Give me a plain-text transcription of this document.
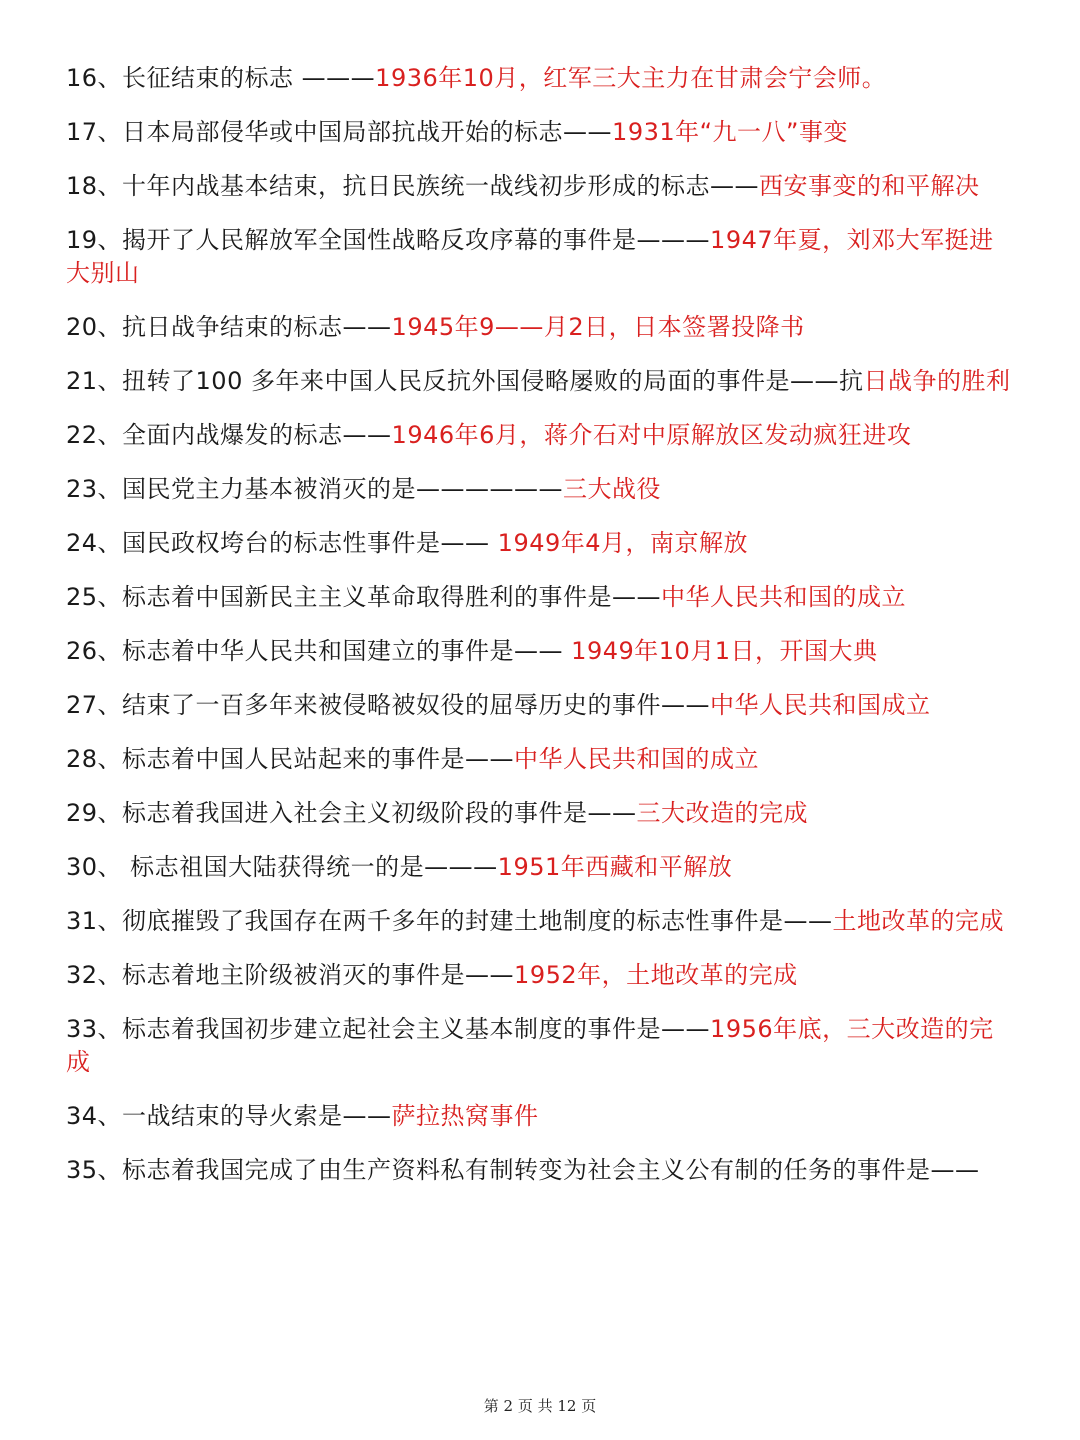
16、长征结束的标志 ———1936年10月，红军三大主力在甘肃会宁会师。

17、日本局部侵华或中国局部抗战开始的标志——1931年“九一八”事变

18、十年内战基本结束，抗日民族统一战线初步形成的标志——西安事变的和平解决

19、揭开了人民解放军全国性战略反攻序幕的事件是———1947年夏，刘邓大军挺进大别山

20、抗日战争结束的标志——1945年9——月2日，日本签署投降书

21、扭转了100 多年来中国人民反抗外国侵略屡败的局面的事件是——抗日战争的胜利

22、全面内战爆发的标志——1946年6月，蒋介石对中原解放区发动疯狂进攻

23、国民党主力基本被消灭的是——————三大战役

24、国民政权垮台的标志性事件是—— 1949年4月，南京解放

25、标志着中国新民主主义革命取得胜利的事件是——中华人民共和国的成立

26、标志着中华人民共和国建立的事件是—— 1949年10月1日，开国大典

27、结束了一百多年来被侵略被奴役的屈辱历史的事件——中华人民共和国成立

28、标志着中国人民站起来的事件是——中华人民共和国的成立

29、标志着我国进入社会主义初级阶段的事件是——三大改造的完成

30、 标志祖国大陆获得统一的是———1951年西藏和平解放

31、彻底摧毁了我国存在两千多年的封建土地制度的标志性事件是——土地改革的完成

32、标志着地主阶级被消灭的事件是——1952年，土地改革的完成

33、标志着我国初步建立起社会主义基本制度的事件是——1956年底，三大改造的完成

34、一战结束的导火索是——萨拉热窝事件

35、标志着我国完成了由生产资料私有制转变为社会主义公有制的任务的事件是——

第 2 页 共 12 页
